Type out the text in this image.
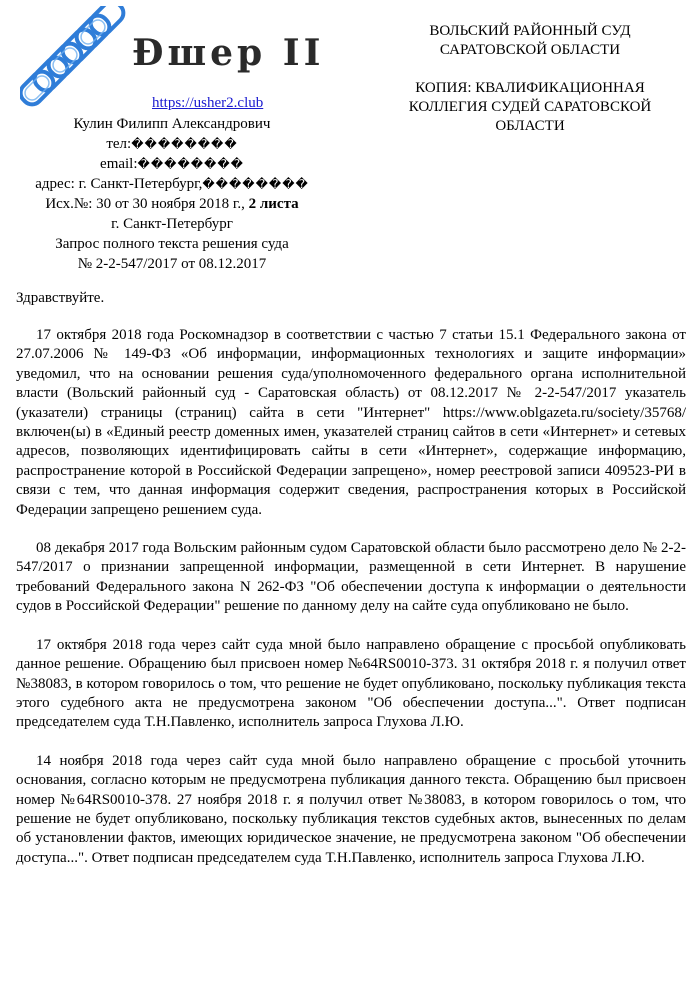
Ðшер II
https://usher2.club
Кулин Филипп Александрович
тел:��������
email:��������
адрес: г. Санкт-Петербург,��������
Исх.№: 30 от 30 ноября 2018 г., 2 листа
г. Санкт-Петербург
Запрос полного текста решения суда
№ 2-2-547/2017 от 08.12.2017

ВОЛЬСКИЙ РАЙОННЫЙ СУД
САРАТОВСКОЙ ОБЛАСТИ

КОПИЯ: КВАЛИФИКАЦИОННАЯ
КОЛЛЕГИЯ СУДЕЙ САРАТОВСКОЙ
ОБЛАСТИ

Здравствуйте.

17 октября 2018 года Роскомнадзор в соответствии с частью 7 статьи 15.1 Федерального закона от 27.07.2006 № 149-ФЗ «Об информации, информационных технологиях и защите информации» уведомил, что на основании решения суда/уполномоченного федерального органа исполнительной власти (Вольский районный суд - Саратовская область) от 08.12.2017 № 2-2-547/2017 указатель (указатели) страницы (страниц) сайта в сети "Интернет" https://www.oblgazeta.ru/society/35768/ включен(ы) в «Единый реестр доменных имен, указателей страниц сайтов в сети «Интернет» и сетевых адресов, позволяющих идентифицировать сайты в сети «Интернет», содержащие информацию, распространение которой в Российской Федерации запрещено», номер реестровой записи 409523-РИ в связи с тем, что данная информация содержит сведения, распространения которых в Российской Федерации запрещено решением суда.

08 декабря 2017 года Вольским районным судом Саратовской области было рассмотрено дело № 2-2-547/2017 о признании запрещенной информации, размещенной в сети Интернет. В нарушение требований Федерального закона N 262-ФЗ "Об обеспечении доступа к информации о деятельности судов в Российской Федерации" решение по данному делу на сайте суда опубликовано не было.

17 октября 2018 года через сайт суда мной было направлено обращение с просьбой опубликовать данное решение. Обращению был присвоен номер №64RS0010-373. 31 октября 2018 г. я получил ответ №38083, в котором говорилось о том, что решение не будет опубликовано, поскольку публикация текста этого судебного акта не предусмотрена законом "Об обеспечении доступа...". Ответ подписан председателем суда Т.Н.Павленко, исполнитель запроса Глухова Л.Ю.

14 ноября 2018 года через сайт суда мной было направлено обращение с просьбой уточнить основания, согласно которым не предусмотрена публикация данного текста. Обращению был присвоен номер №64RS0010-378. 27 ноября 2018 г. я получил ответ №38083, в котором говорилось о том, что решение не будет опубликовано, поскольку публикация текстов судебных актов, вынесенных по делам об установлении фактов, имеющих юридическое значение, не предусмотрена законом "Об обеспечении доступа...". Ответ подписан председателем суда Т.Н.Павленко, исполнитель запроса Глухова Л.Ю.
